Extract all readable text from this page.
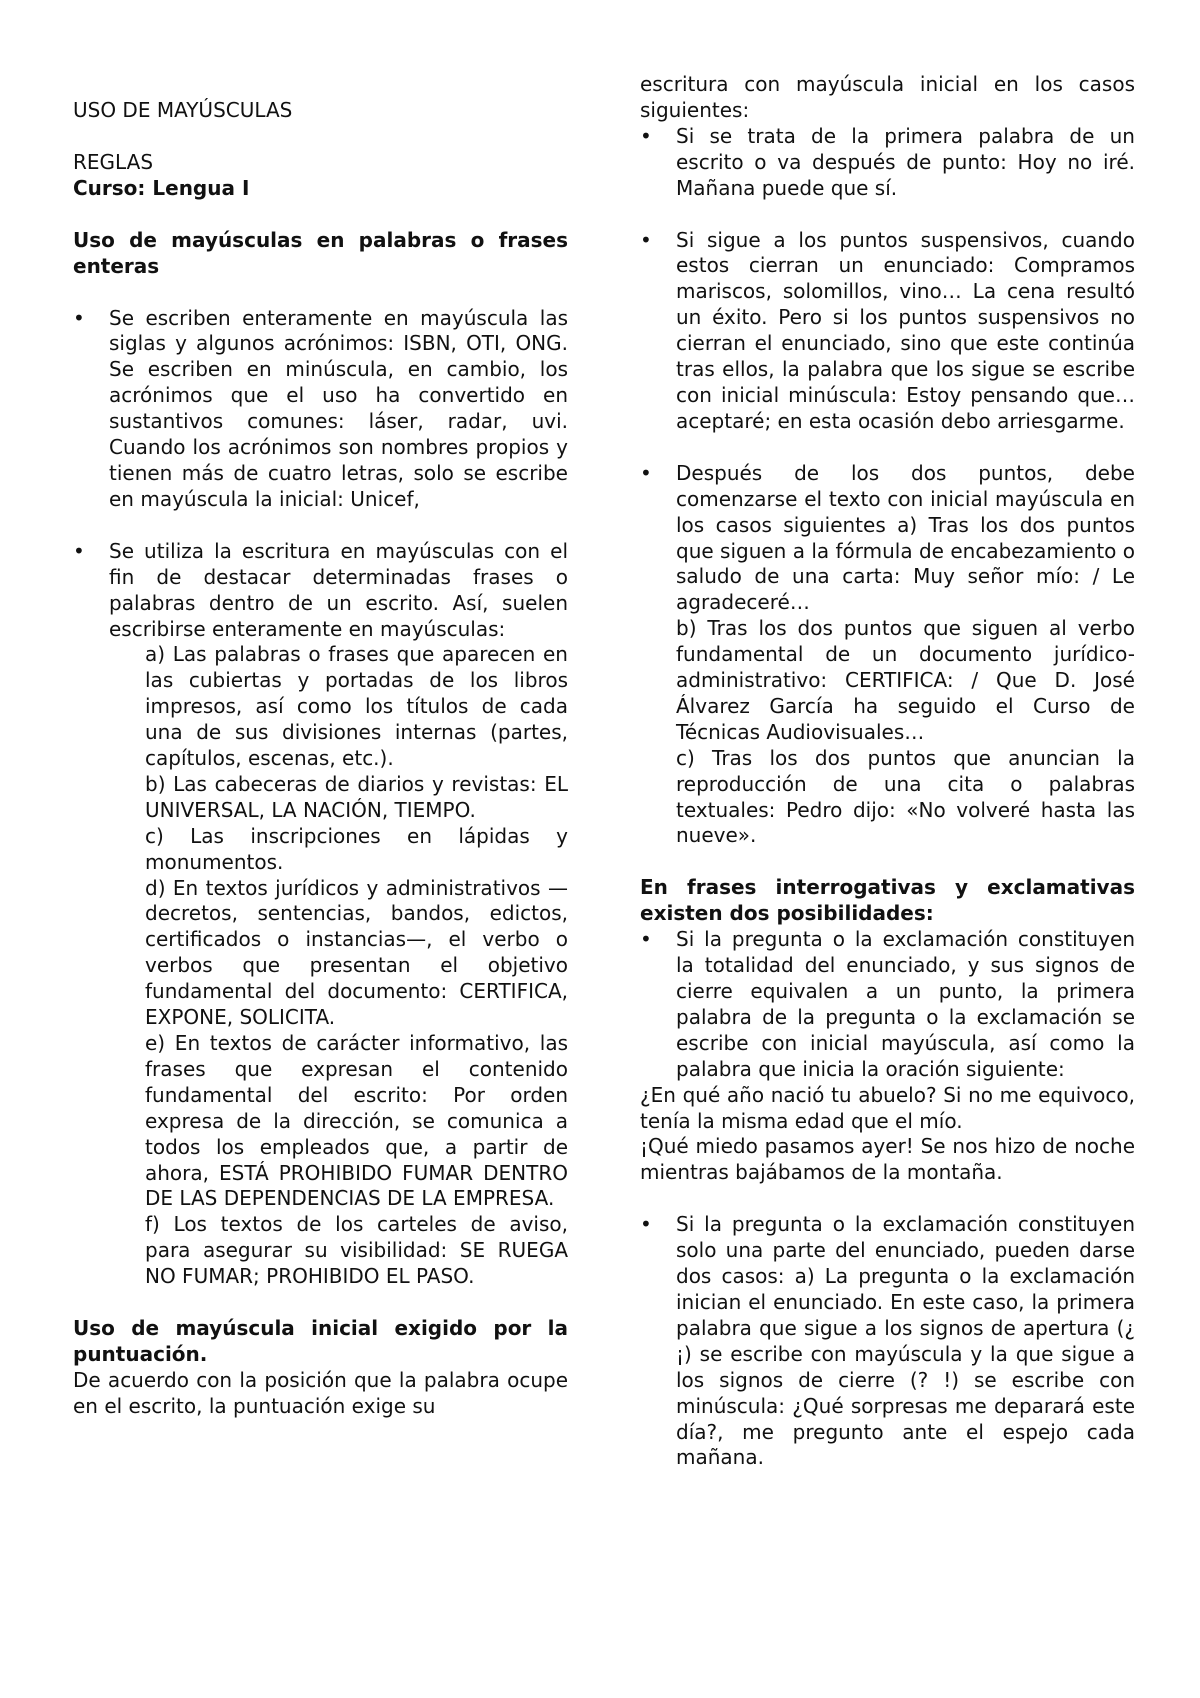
USO DE MAYÚSCULAS

REGLAS

Curso: Lengua I

Uso de mayúsculas en palabras o frases enteras

• Se escriben enteramente en mayúscula las siglas y algunos acrónimos: ISBN, OTI, ONG. Se escriben en minúscula, en cambio, los acrónimos que el uso ha convertido en sustantivos comunes: láser, radar, uvi. Cuando los acrónimos son nombres propios y tienen más de cuatro letras, solo se escribe en mayúscula la inicial: Unicef,

• Se utiliza la escritura en mayúsculas con el fin de destacar determinadas frases o palabras dentro de un escrito. Así, suelen escribirse enteramente en mayúsculas:

a) Las palabras o frases que aparecen en las cubiertas y portadas de los libros impresos, así como los títulos de cada una de sus divisiones internas (partes, capítulos, escenas, etc.).

b) Las cabeceras de diarios y revistas: EL UNIVERSAL, LA NACIÓN, TIEMPO.

c) Las inscripciones en lápidas y monumentos.

d) En textos jurídicos y administrativos —decretos, sentencias, bandos, edictos, certificados o instancias—, el verbo o verbos que presentan el objetivo fundamental del documento: CERTIFICA, EXPONE, SOLICITA.

e) En textos de carácter informativo, las frases que expresan el contenido fundamental del escrito: Por orden expresa de la dirección, se comunica a todos los empleados que, a partir de ahora, ESTÁ PROHIBIDO FUMAR DENTRO DE LAS DEPENDENCIAS DE LA EMPRESA.

f) Los textos de los carteles de aviso, para asegurar su visibilidad: SE RUEGA NO FUMAR; PROHIBIDO EL PASO.

Uso de mayúscula inicial exigido por la puntuación.

De acuerdo con la posición que la palabra ocupe en el escrito, la puntuación exige su

escritura con mayúscula inicial en los casos siguientes:

• Si se trata de la primera palabra de un escrito o va después de punto: Hoy no iré. Mañana puede que sí.
• Si sigue a los puntos suspensivos, cuando estos cierran un enunciado: Compramos mariscos, solomillos, vino… La cena resultó un éxito. Pero si los puntos suspensivos no cierran el enunciado, sino que este continúa tras ellos, la palabra que los sigue se escribe con inicial minúscula: Estoy pensando que… aceptaré; en esta ocasión debo arriesgarme.

• Después de los dos puntos, debe comenzarse el texto con inicial mayúscula en los casos siguientes a) Tras los dos puntos que siguen a la fórmula de encabezamiento o saludo de una carta: Muy señor mío: / Le agradeceré…

b) Tras los dos puntos que siguen al verbo fundamental de un documento jurídico-administrativo: CERTIFICA: / Que D. José Álvarez García ha seguido el Curso de Técnicas Audiovisuales…

c) Tras los dos puntos que anuncian la reproducción de una cita o palabras textuales: Pedro dijo: «No volveré hasta las nueve».

En frases interrogativas y exclamativas existen dos posibilidades:

• Si la pregunta o la exclamación constituyen la totalidad del enunciado, y sus signos de cierre equivalen a un punto, la primera palabra de la pregunta o la exclamación se escribe con inicial mayúscula, así como la palabra que inicia la oración siguiente:

¿En qué año nació tu abuelo? Si no me equivoco, tenía la misma edad que el mío.

¡Qué miedo pasamos ayer! Se nos hizo de noche mientras bajábamos de la montaña.

• Si la pregunta o la exclamación constituyen solo una parte del enunciado, pueden darse dos casos: a) La pregunta o la exclamación inician el enunciado. En este caso, la primera palabra que sigue a los signos de apertura (¿ ¡) se escribe con mayúscula y la que sigue a los signos de cierre (? !) se escribe con minúscula: ¿Qué sorpresas me deparará este día?, me pregunto ante el espejo cada mañana.
